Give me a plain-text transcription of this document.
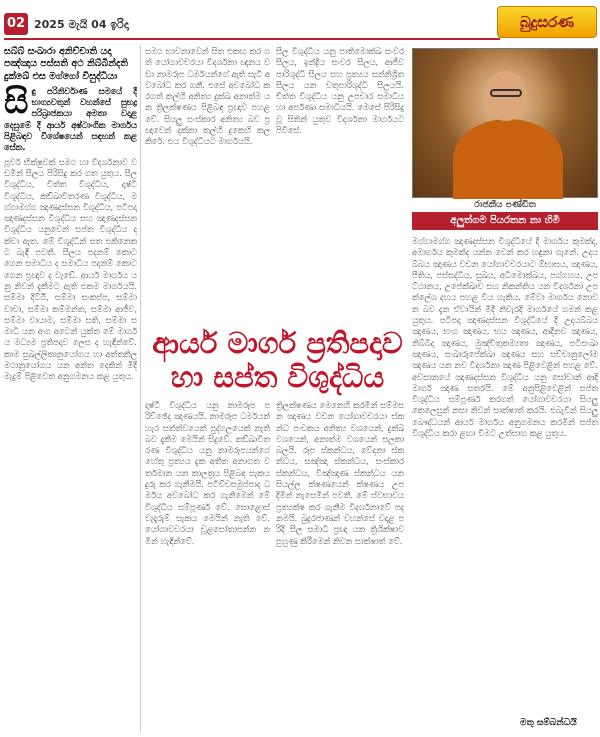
02 2025 මැයි 04 ඉරිදා	බුදුසරණ

සබ්බ් සංඛාරා අනිච්චාති යදා පඤ්ඤාය පස්සති අථ නිබ්බින්දති දුක්ඛේ එස මග්ගෝ විසුද්ධියා

සි ඳු පරිනිර්වාණ සමයේ දී භාග්‍යවතුන් වහන්සේ සුභද්‍ර පරිබ්‍රාජකයා අමතා වදාළ දෙසුමේ දී ආර්ය අෂ්ටාංගික මාර්ගය පිළිබඳව විශේෂයෙන් සඳහන් කළ සේක.

පූර්ව භික්ෂුවක් සමථ හා විදර්ශනාව වඩමින් සීලය පිරිසිදු කර ගත යුතුය. සීල විශුද්ධිය, චිත්ත විශුද්ධිය, දෘෂ්ටි විශුද්ධිය, කඞ්ඛාවිතරණ විශුද්ධිය, මග්ගාමග්ග ඤාණදස්සන විශුද්ධිය, පටිපදා ඤාණදස්සන විශුද්ධිය සහ ඤාණදස්සන විශුද්ධිය යනුවෙන් සප්ත විශුද්ධිය දක්වා ඇත. මේ විශුද්ධීන් සත එකිනෙකට බැඳී පවතී. සීලය පදනම් කොට ගෙන සමාධිය ද සමාධිය පදනම් කොට ගෙන ප්‍රඥාව ද වැඩේ. ආර්ය මාර්ගය යනු නිවන් දැකීමට ඇති එකම මාර්ගයයි. සම්මා දිට්ඨි, සම්මා සංකප්ප, සම්මා වාචා, සම්මා කම්මන්ත, සම්මා ආජීව, සම්මා වායාම, සම්මා සති, සම්මා සමාධි යන අංග අටෙන් යුක්ත මේ මාර්ගය මධ්‍යම ප්‍රතිපදාව ලෙස ද හැඳින්වේ. කාම සුඛල්ලිකානුයෝගය හා අත්තකිලමථානුයෝගය යන අන්ත දෙකින් මිදී මැදුම් පිළිවෙත අනුගමනය කළ යුතුය.

සමථ භාවනාවෙන් සිත එකඟ කර ගත් යෝගාවචරයා විදර්ශනා ඥානය වඩා නාමරූප ධර්මයන්ගේ ඇති සැටි අවබෝධ කර ගනී. එසේ අවබෝධ කරගත් කල්හි අනිත්‍ය දුක්ඛ අනාත්ම යන ත්‍රිලක්ෂණය පිළිබඳ ප්‍රඥාව පහළ වේ. සියලු සංස්කාර අනිත්‍ය බව ප්‍රඥාවෙන් දක්නා කල්හි දුකෙහි කලකිරේ. එය විශුද්ධියට මාර්ගයයි.

සීල විශුද්ධිය යනු පාතිමොක්ඛ සංවර සීලය, ඉන්ද්‍රිය සංවර සීලය, ආජීව පාරිශුද්ධි සීලය සහ ප්‍රත්‍යය සන්නිශ්‍රිත සීලය යන චතුපාරිශුද්ධි සීලයයි. චිත්ත විශුද්ධිය යනු උපචාර සමාධිය හා අර්පණා සමාධියයි. මෙසේ පිරිසිදු වූ සිතින් යුතුව විදර්ශනා මාර්ගයට පිවිසේ.

රාජකීය පණ්ඩිත
අලුත්ගම පියරතන නා හිමි

මග්ගාමග්ග ඤාණදස්සන විශුද්ධියේ දී මාර්ගය කුමක්ද, අමාර්ගය කුමක්ද යන්න වෙන් කර හඳුනා ගැනේ. උදයබ්බය ඤාණය වඩන යෝගාවචරයාට ඕභාසය, ඤාණය, පීතිය, පස්සද්ධිය, සුඛය, අධිමොක්ඛය, පග්ගහය, උපට්ඨානය, උපේක්ඛාව සහ නිකන්තිය යන විදර්ශනා උපක්ලේශ දහය පහළ විය හැකිය. මේවා මාර්ගය නොවන බව දැන ඒවායින් මිදී නිවැරදි මාර්ගයේ ගමන් කළ යුතුය. පටිපදා ඤාණදස්සන විශුද්ධියේ දී උදයබ්බය ඤාණය, භංග ඤාණය, භය ඤාණය, ආදීනව ඤාණය, නිබ්බිදා ඤාණය, මුඤ්චිතුකම්‍යතා ඤාණය, පටිසංඛා ඤාණය, සංඛාරුපේක්ඛා ඤාණය සහ සච්චානුලෝම ඤාණය යන නව විදර්ශනා ඤාණ පිළිවෙළින් පහළ වේ. අවසානයේ ඤාණදස්සන විශුද්ධිය යනු සෝවාන් ආදී මාර්ග ඤාණ සතරයි. මේ අනුපිළිවෙළින් සප්ත විශුද්ධිය සම්පූර්ණ කරගත් යෝගාවචරයා සියලු කෙලෙසුන් නසා නිවන් සාක්ෂාත් කරයි. එබැවින් සියලු බෞද්ධයන් ආර්ය මාර්ගය අනුගමනය කරමින් සප්ත විශුද්ධිය කරා ළඟා වීමට උත්සාහ කළ යුතුය.

ආර්ය මාර්ග ප්‍රතිපදාව හා සප්ත විශුද්ධිය

දෘෂ්ටි විශුද්ධිය යනු නාමරූප පරිච්ඡේද ඤාණයයි. නාමරූප ධර්මයන් හැර සත්ත්වයෙක් පුද්ගලයෙක් නැති බව දැකීම මෙයින් සිදුවේ. කඞ්ඛාවිතරණ විශුද්ධිය යනු නාමරූපයන්ගේ හේතු ප්‍රත්‍යය දැක අතීත අනාගත වර්තමාන යන කාලත්‍රය පිළිබඳ සැකය දුරු කර ගැනීමයි. පටිච්චසමුප්පාද ධර්මය අවබෝධ කර ගැනීමෙන් මේ විශුද්ධිය සම්පූර්ණ වේ. සොළොස් වැදෑරුම් සැකය මෙයින් නැති වේ. යෝගාවචරයා චූළසෝතාපන්න නමින් හැඳින්වේ.

ත්‍රිලක්ෂණය මෙනෙහි කරමින් සම්මසන ඤාණය වඩන යෝගාවචරයා ස්කන්ධ පංචකය අනිත්‍ය වශයෙන්, දුක්ඛ වශයෙන්, අනාත්ම වශයෙන් සලකා බලයි. රූප ස්කන්ධය, වේදනා ස්කන්ධය, සඤ්ඤා ස්කන්ධය, සංස්කාර ස්කන්ධය, විඤ්ඤාණ ස්කන්ධය යන සියල්ල ක්ෂණයෙන් ක්ෂණය උපදිමින් නැසෙමින් පවතී. මේ ස්වභාවය ප්‍රත්‍යක්ෂ කර ගැනීම විදර්ශනාවේ පදනමයි. බුදුරජාණන් වහන්සේ වදාළ පරිදි සීල සමාධි ප්‍රඥා යන ත්‍රිශික්ෂාව පුහුණු කිරීමෙන් නිවන සාක්ෂාත් වේ.

මතු සම්බන්ධයි
